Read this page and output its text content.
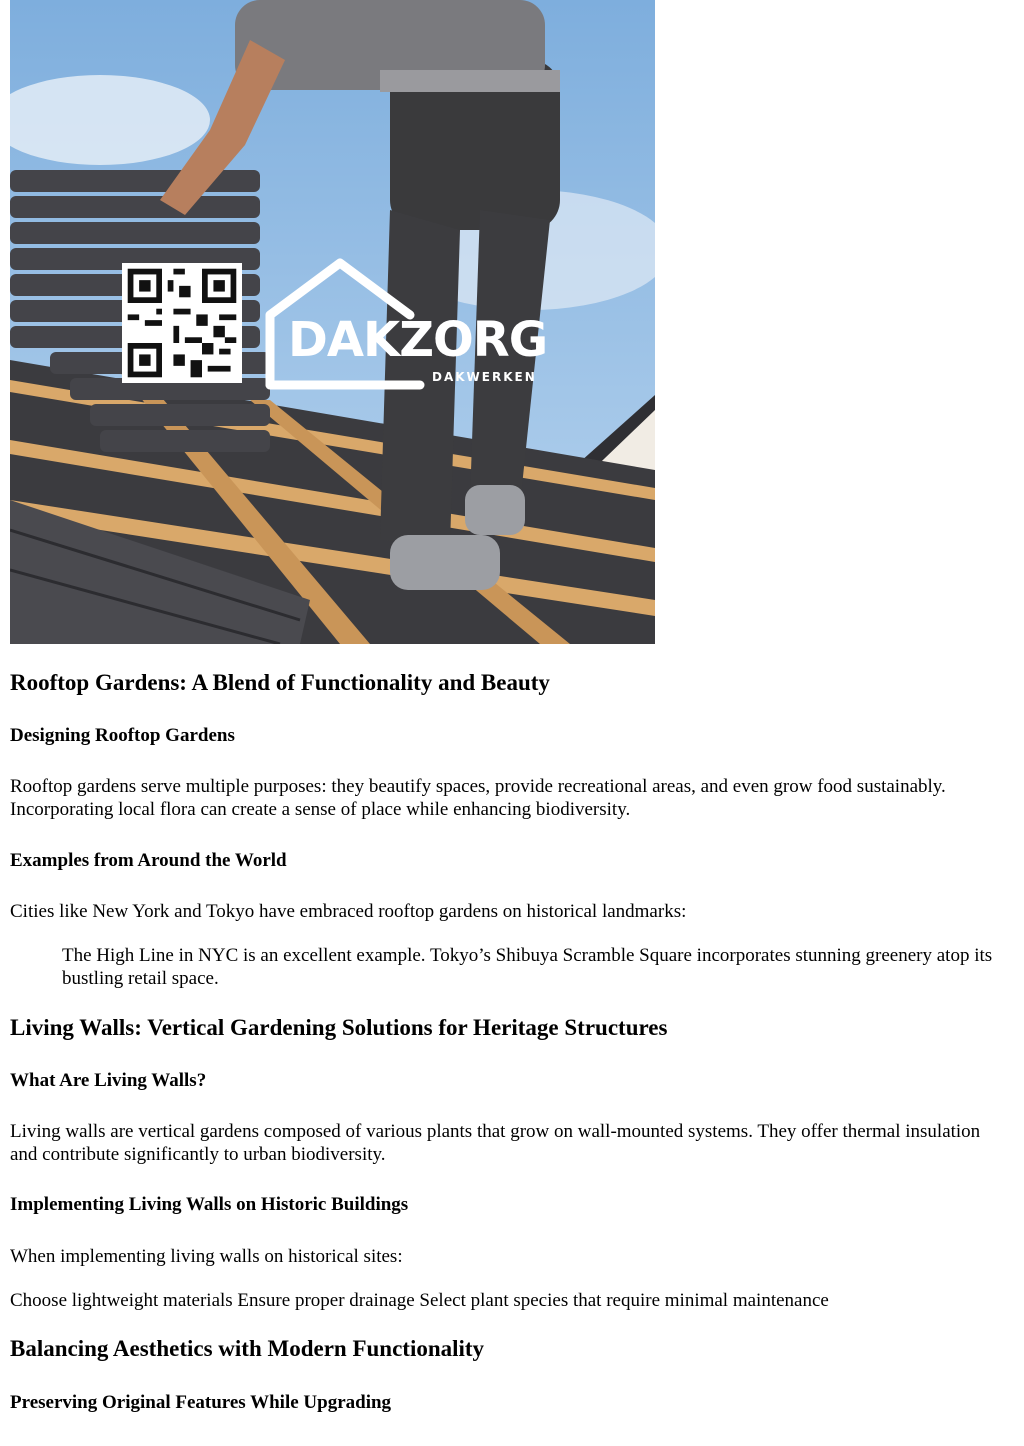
DAKZORG
DAKWERKEN
Rooftop Gardens: A Blend of Functionality and Beauty
Designing Rooftop Gardens

Rooftop gardens serve multiple purposes: they beautify spaces, provide recreational areas, and even grow food sustainably. Incorporating local flora can create a sense of place while enhancing biodiversity.

Examples from Around the World

Cities like New York and Tokyo have embraced rooftop gardens on historical landmarks:

The High Line in NYC is an excellent example. Tokyo’s Shibuya Scramble Square incorporates stunning greenery atop its bustling retail space.

Living Walls: Vertical Gardening Solutions for Heritage Structures
What Are Living Walls?

Living walls are vertical gardens composed of various plants that grow on wall-mounted systems. They offer thermal insulation and contribute significantly to urban biodiversity.

Implementing Living Walls on Historic Buildings

When implementing living walls on historical sites:

Choose lightweight materials Ensure proper drainage Select plant species that require minimal maintenance

Balancing Aesthetics with Modern Functionality
Preserving Original Features While Upgrading
